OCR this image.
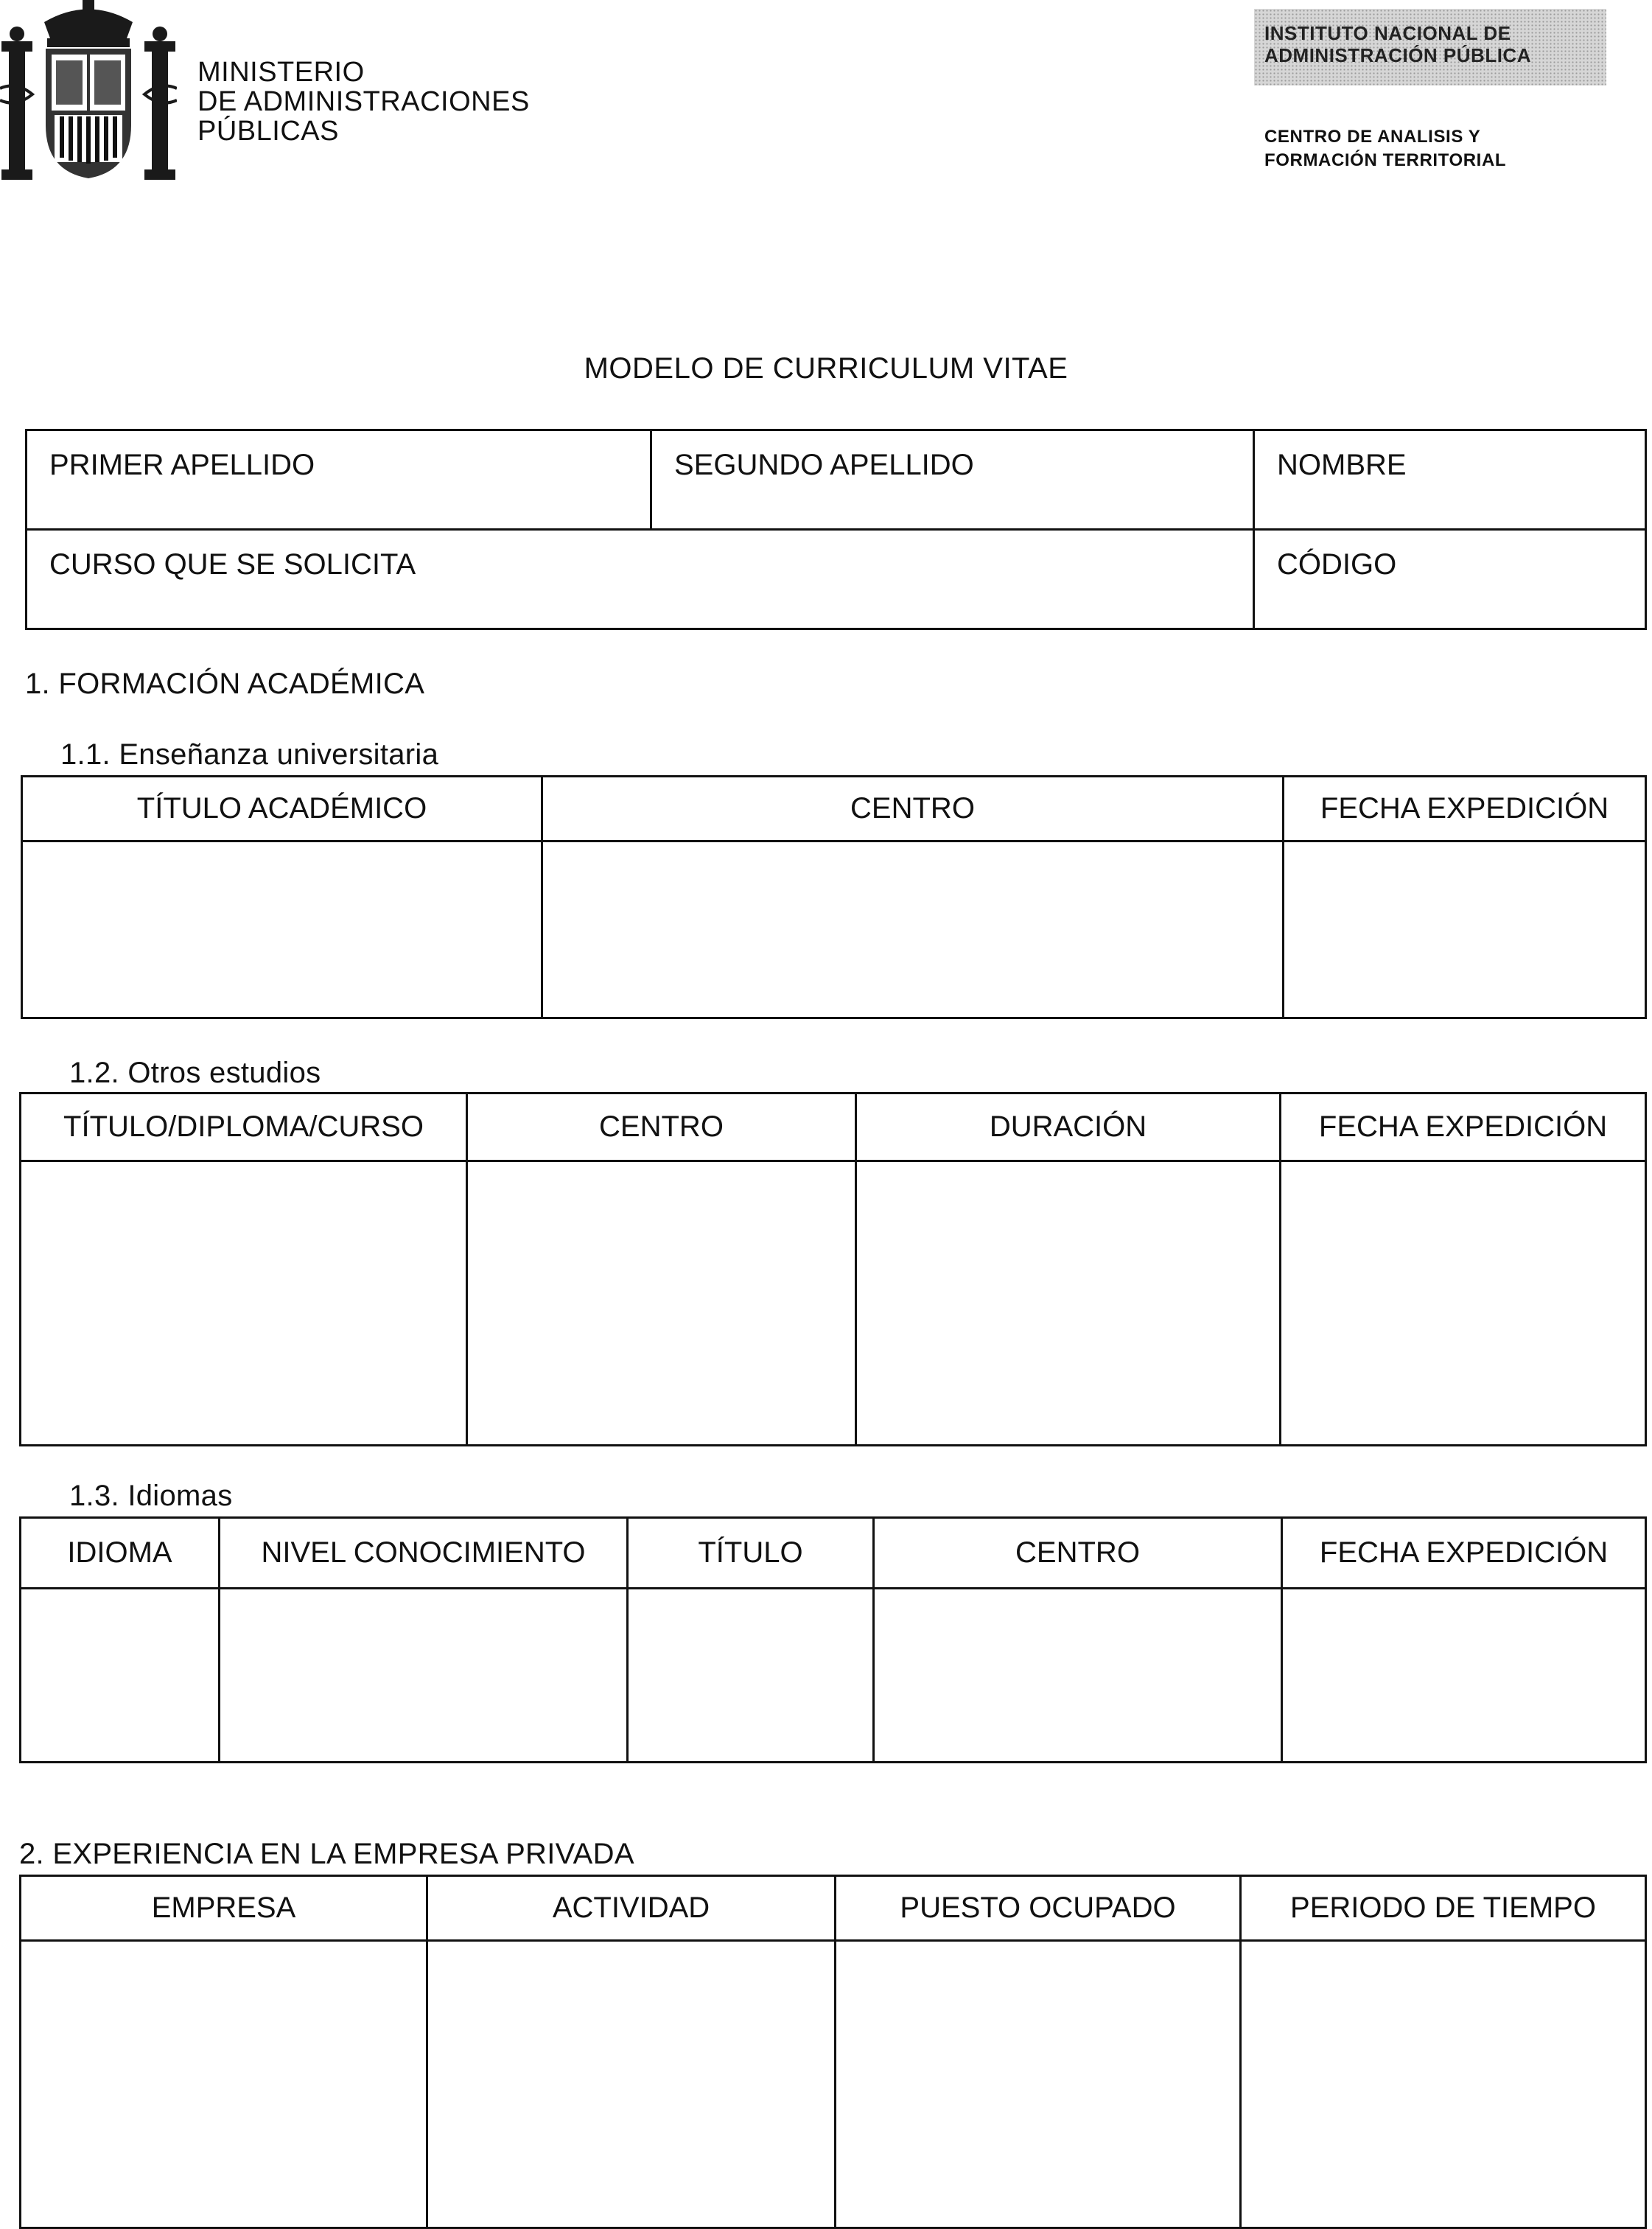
MINISTERIO
DE ADMINISTRACIONES
PÚBLICAS
INSTITUTO NACIONAL DE
ADMINISTRACIÓN PÚBLICA
CENTRO DE ANALISIS Y
FORMACIÓN TERRITORIAL
MODELO DE CURRICULUM VITAE
PRIMER APELLIDO	SEGUNDO APELLIDO	NOMBRE
CURSO QUE SE SOLICITA		CÓDIGO
1. FORMACIÓN ACADÉMICA
1.1. Enseñanza universitaria
TÍTULO ACADÉMICO	CENTRO	FECHA EXPEDICIÓN

1.2. Otros estudios
TÍTULO/DIPLOMA/CURSO	CENTRO	DURACIÓN	FECHA EXPEDICIÓN

1.3. Idiomas
IDIOMA	NIVEL CONOCIMIENTO	TÍTULO	CENTRO	FECHA EXPEDICIÓN

2. EXPERIENCIA EN LA EMPRESA PRIVADA
EMPRESA	ACTIVIDAD	PUESTO OCUPADO	PERIODO DE TIEMPO
